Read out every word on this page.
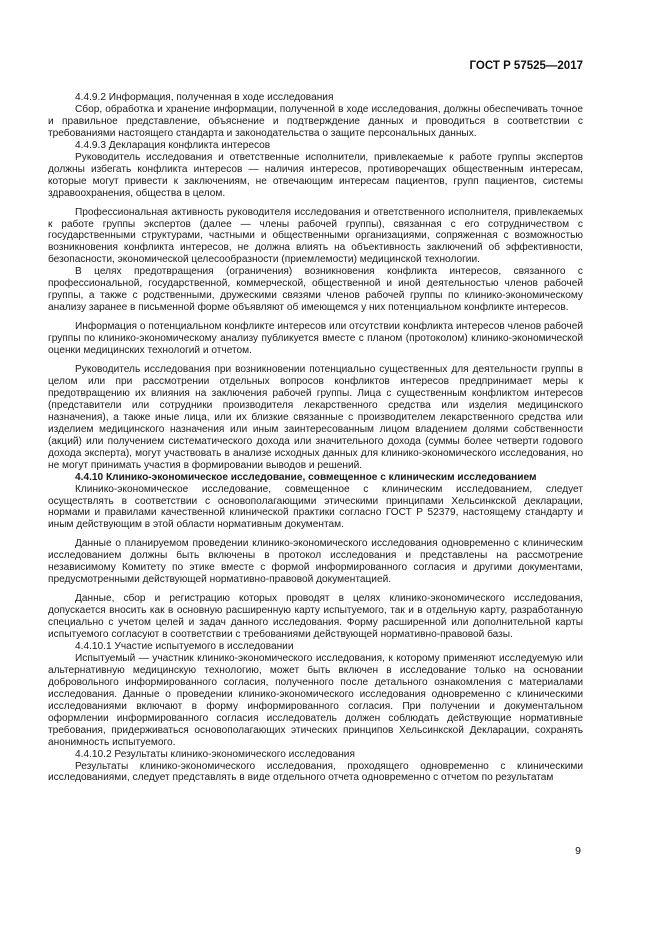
ГОСТ Р 57525—2017

4.4.9.2 Информация, полученная в ходе исследования

Сбор, обработка и хранение информации, полученной в ходе исследования, должны обеспечивать точное и правильное представление, объяснение и подтверждение данных и проводиться в соответствии с требованиями настоящего стандарта и законодательства о защите персональных данных.

4.4.9.3 Декларация конфликта интересов

Руководитель исследования и ответственные исполнители, привлекаемые к работе группы экспертов должны избегать конфликта интересов — наличия интересов, противоречащих общественным интересам, которые могут привести к заключениям, не отвечающим интересам пациентов, групп пациентов, системы здравоохранения, общества в целом.

Профессиональная активность руководителя исследования и ответственного исполнителя, привлекаемых к работе группы экспертов (далее — члены рабочей группы), связанная с его сотрудничеством с государственными структурами, частными и общественными организациями, сопряженная с возможностью возникновения конфликта интересов, не должна влиять на объективность заключений об эффективности, безопасности, экономической целесообразности (приемлемости) медицинской технологии.

В целях предотвращения (ограничения) возникновения конфликта интересов, связанного с профессиональной, государственной, коммерческой, общественной и иной деятельностью членов рабочей группы, а также с родственными, дружескими связями членов рабочей группы по клинико-экономическому анализу заранее в письменной форме объявляют об имеющемся у них потенциальном конфликте интересов.

Информация о потенциальном конфликте интересов или отсутствии конфликта интересов членов рабочей группы по клинико-экономическому анализу публикуется вместе с планом (протоколом) клинико-экономической оценки медицинских технологий и отчетом.

Руководитель исследования при возникновении потенциально существенных для деятельности группы в целом или при рассмотрении отдельных вопросов конфликтов интересов предпринимает меры к предотвращению их влияния на заключения рабочей группы. Лица с существенным конфликтом интересов (представители или сотрудники производителя лекарственного средства или изделия медицинского назначения), а также иные лица, или их близкие связанные с производителем лекарственного средства или изделием медицинского назначения или иным заинтересованным лицом владением долями собственности (акций) или получением систематического дохода или значительного дохода (суммы более четверти годового дохода эксперта), могут участвовать в анализе исходных данных для клинико-экономического исследования, но не могут принимать участия в формировании выводов и решений.

4.4.10 Клинико-экономическое исследование, совмещенное с клиническим исследованием

Клинико-экономическое исследование, совмещенное с клиническим исследованием, следует осуществлять в соответствии с основополагающими этическими принципами Хельсинкской декларации, нормами и правилами качественной клинической практики согласно ГОСТ Р 52379, настоящему стандарту и иным действующим в этой области нормативным документам.

Данные о планируемом проведении клинико-экономического исследования одновременно с клиническим исследованием должны быть включены в протокол исследования и представлены на рассмотрение независимому Комитету по этике вместе с формой информированного согласия и другими документами, предусмотренными действующей нормативно-правовой документацией.

Данные, сбор и регистрацию которых проводят в целях клинико-экономического исследования, допускается вносить как в основную расширенную карту испытуемого, так и в отдельную карту, разработанную специально с учетом целей и задач данного исследования. Форму расширенной или дополнительной карты испытуемого согласуют в соответствии с требованиями действующей нормативно-правовой базы.

4.4.10.1 Участие испытуемого в исследовании

Испытуемый — участник клинико-экономического исследования, к которому применяют исследуемую или альтернативную медицинскую технологию, может быть включен в исследование только на основании добровольного информированного согласия, полученного после детального ознакомления с материалами исследования. Данные о проведении клинико-экономического исследования одновременно с клиническими исследованиями включают в форму информированного согласия. При получении и документальном оформлении информированного согласия исследователь должен соблюдать действующие нормативные требования, придерживаться основополагающих этических принципов Хельсинкской Декларации, сохранять анонимность испытуемого.

4.4.10.2 Результаты клинико-экономического исследования

Результаты клинико-экономического исследования, проходящего одновременно с клиническими исследованиями, следует представлять в виде отдельного отчета одновременно с отчетом по результатам

9
